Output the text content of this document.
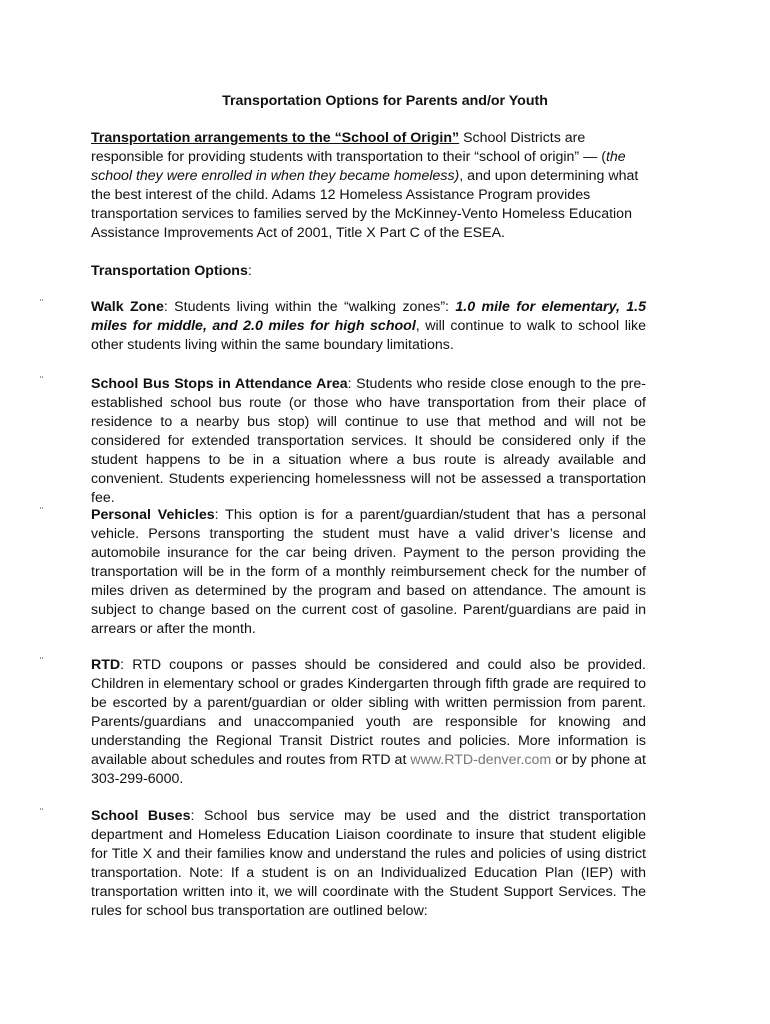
Transportation Options for Parents and/or Youth
Transportation arrangements to the “School of Origin” School Districts are responsible for providing students with transportation to their “school of origin” — (the school they were enrolled in when they became homeless), and upon determining what the best interest of the child. Adams 12 Homeless Assistance Program provides transportation services to families served by the McKinney-Vento Homeless Education Assistance Improvements Act of 2001, Title X Part C of the ESEA.
Transportation Options:
¨	Walk Zone: Students living within the “walking zones”: 1.0 mile for elementary, 1.5 miles for middle, and 2.0 miles for high school, will continue to walk to school like other students living within the same boundary limitations.
¨	School Bus Stops in Attendance Area: Students who reside close enough to the pre-established school bus route (or those who have transportation from their place of residence to a nearby bus stop) will continue to use that method and will not be considered for extended transportation services. It should be considered only if the student happens to be in a situation where a bus route is already available and convenient. Students experiencing homelessness will not be assessed a transportation fee.
¨	Personal Vehicles: This option is for a parent/guardian/student that has a personal vehicle. Persons transporting the student must have a valid driver’s license and automobile insurance for the car being driven. Payment to the person providing the transportation will be in the form of a monthly reimbursement check for the number of miles driven as determined by the program and based on attendance. The amount is subject to change based on the current cost of gasoline. Parent/guardians are paid in arrears or after the month.
¨	RTD: RTD coupons or passes should be considered and could also be provided. Children in elementary school or grades Kindergarten through fifth grade are required to be escorted by a parent/guardian or older sibling with written permission from parent. Parents/guardians and unaccompanied youth are responsible for knowing and understanding the Regional Transit District routes and policies. More information is available about schedules and routes from RTD at www.RTD-denver.com or by phone at 303-299-6000.
¨	School Buses: School bus service may be used and the district transportation department and Homeless Education Liaison coordinate to insure that student eligible for Title X and their families know and understand the rules and policies of using district transportation. Note: If a student is on an Individualized Education Plan (IEP) with transportation written into it, we will coordinate with the Student Support Services. The rules for school bus transportation are outlined below:
